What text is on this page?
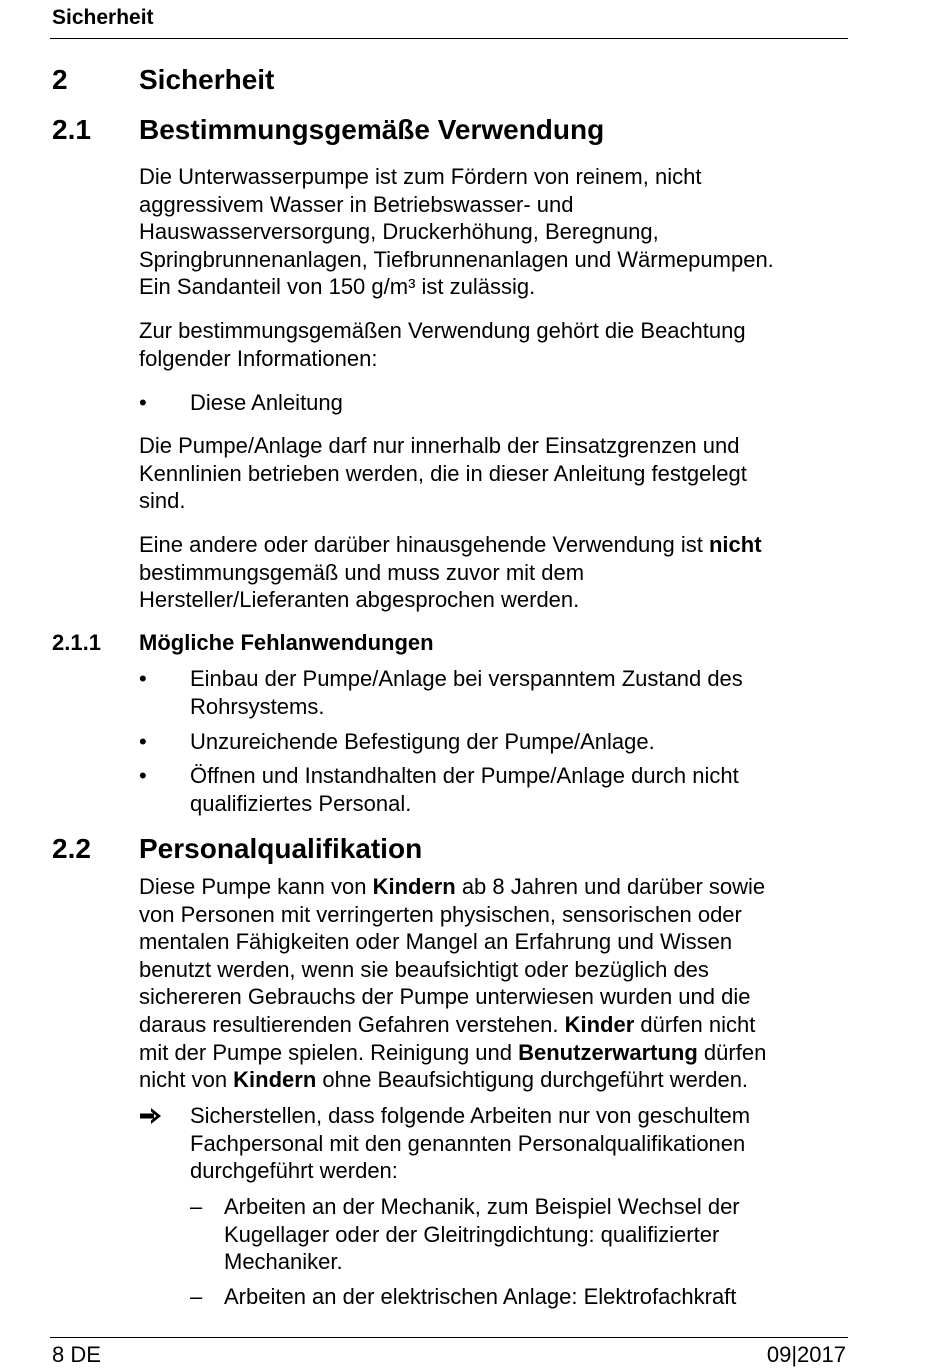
Sicherheit
2	Sicherheit
2.1 Bestimmungsgemäße Verwendung
Die Unterwasserpumpe ist zum Fördern von reinem, nicht
aggressivem Wasser in Betriebswasser- und
Hauswasserversorgung, Druckerhöhung, Beregnung,
Springbrunnenanlagen, Tiefbrunnenanlagen und Wärmepumpen.
Ein Sandanteil von 150 g/m³ ist zulässig.
Zur bestimmungsgemäßen Verwendung gehört die Beachtung
folgender Informationen:
• Diese Anleitung
Die Pumpe/Anlage darf nur innerhalb der Einsatzgrenzen und
Kennlinien betrieben werden, die in dieser Anleitung festgelegt
sind.
Eine andere oder darüber hinausgehende Verwendung ist nicht
bestimmungsgemäß und muss zuvor mit dem
Hersteller/Lieferanten abgesprochen werden.
2.1.1 Mögliche Fehlanwendungen
• Einbau der Pumpe/Anlage bei verspanntem Zustand des
Rohrsystems.
• Unzureichende Befestigung der Pumpe/Anlage.
• Öffnen und Instandhalten der Pumpe/Anlage durch nicht
qualifiziertes Personal.
2.2 Personalqualifikation
Diese Pumpe kann von Kindern ab 8 Jahren und darüber sowie
von Personen mit verringerten physischen, sensorischen oder
mentalen Fähigkeiten oder Mangel an Erfahrung und Wissen
benutzt werden, wenn sie beaufsichtigt oder bezüglich des
sichereren Gebrauchs der Pumpe unterwiesen wurden und die
daraus resultierenden Gefahren verstehen. Kinder dürfen nicht
mit der Pumpe spielen. Reinigung und Benutzerwartung dürfen
nicht von Kindern ohne Beaufsichtigung durchgeführt werden.
Sicherstellen, dass folgende Arbeiten nur von geschultem
Fachpersonal mit den genannten Personalqualifikationen
durchgeführt werden:
– Arbeiten an der Mechanik, zum Beispiel Wechsel der
Kugellager oder der Gleitringdichtung: qualifizierter
Mechaniker.
– Arbeiten an der elektrischen Anlage: Elektrofachkraft
8 DE	09|2017
